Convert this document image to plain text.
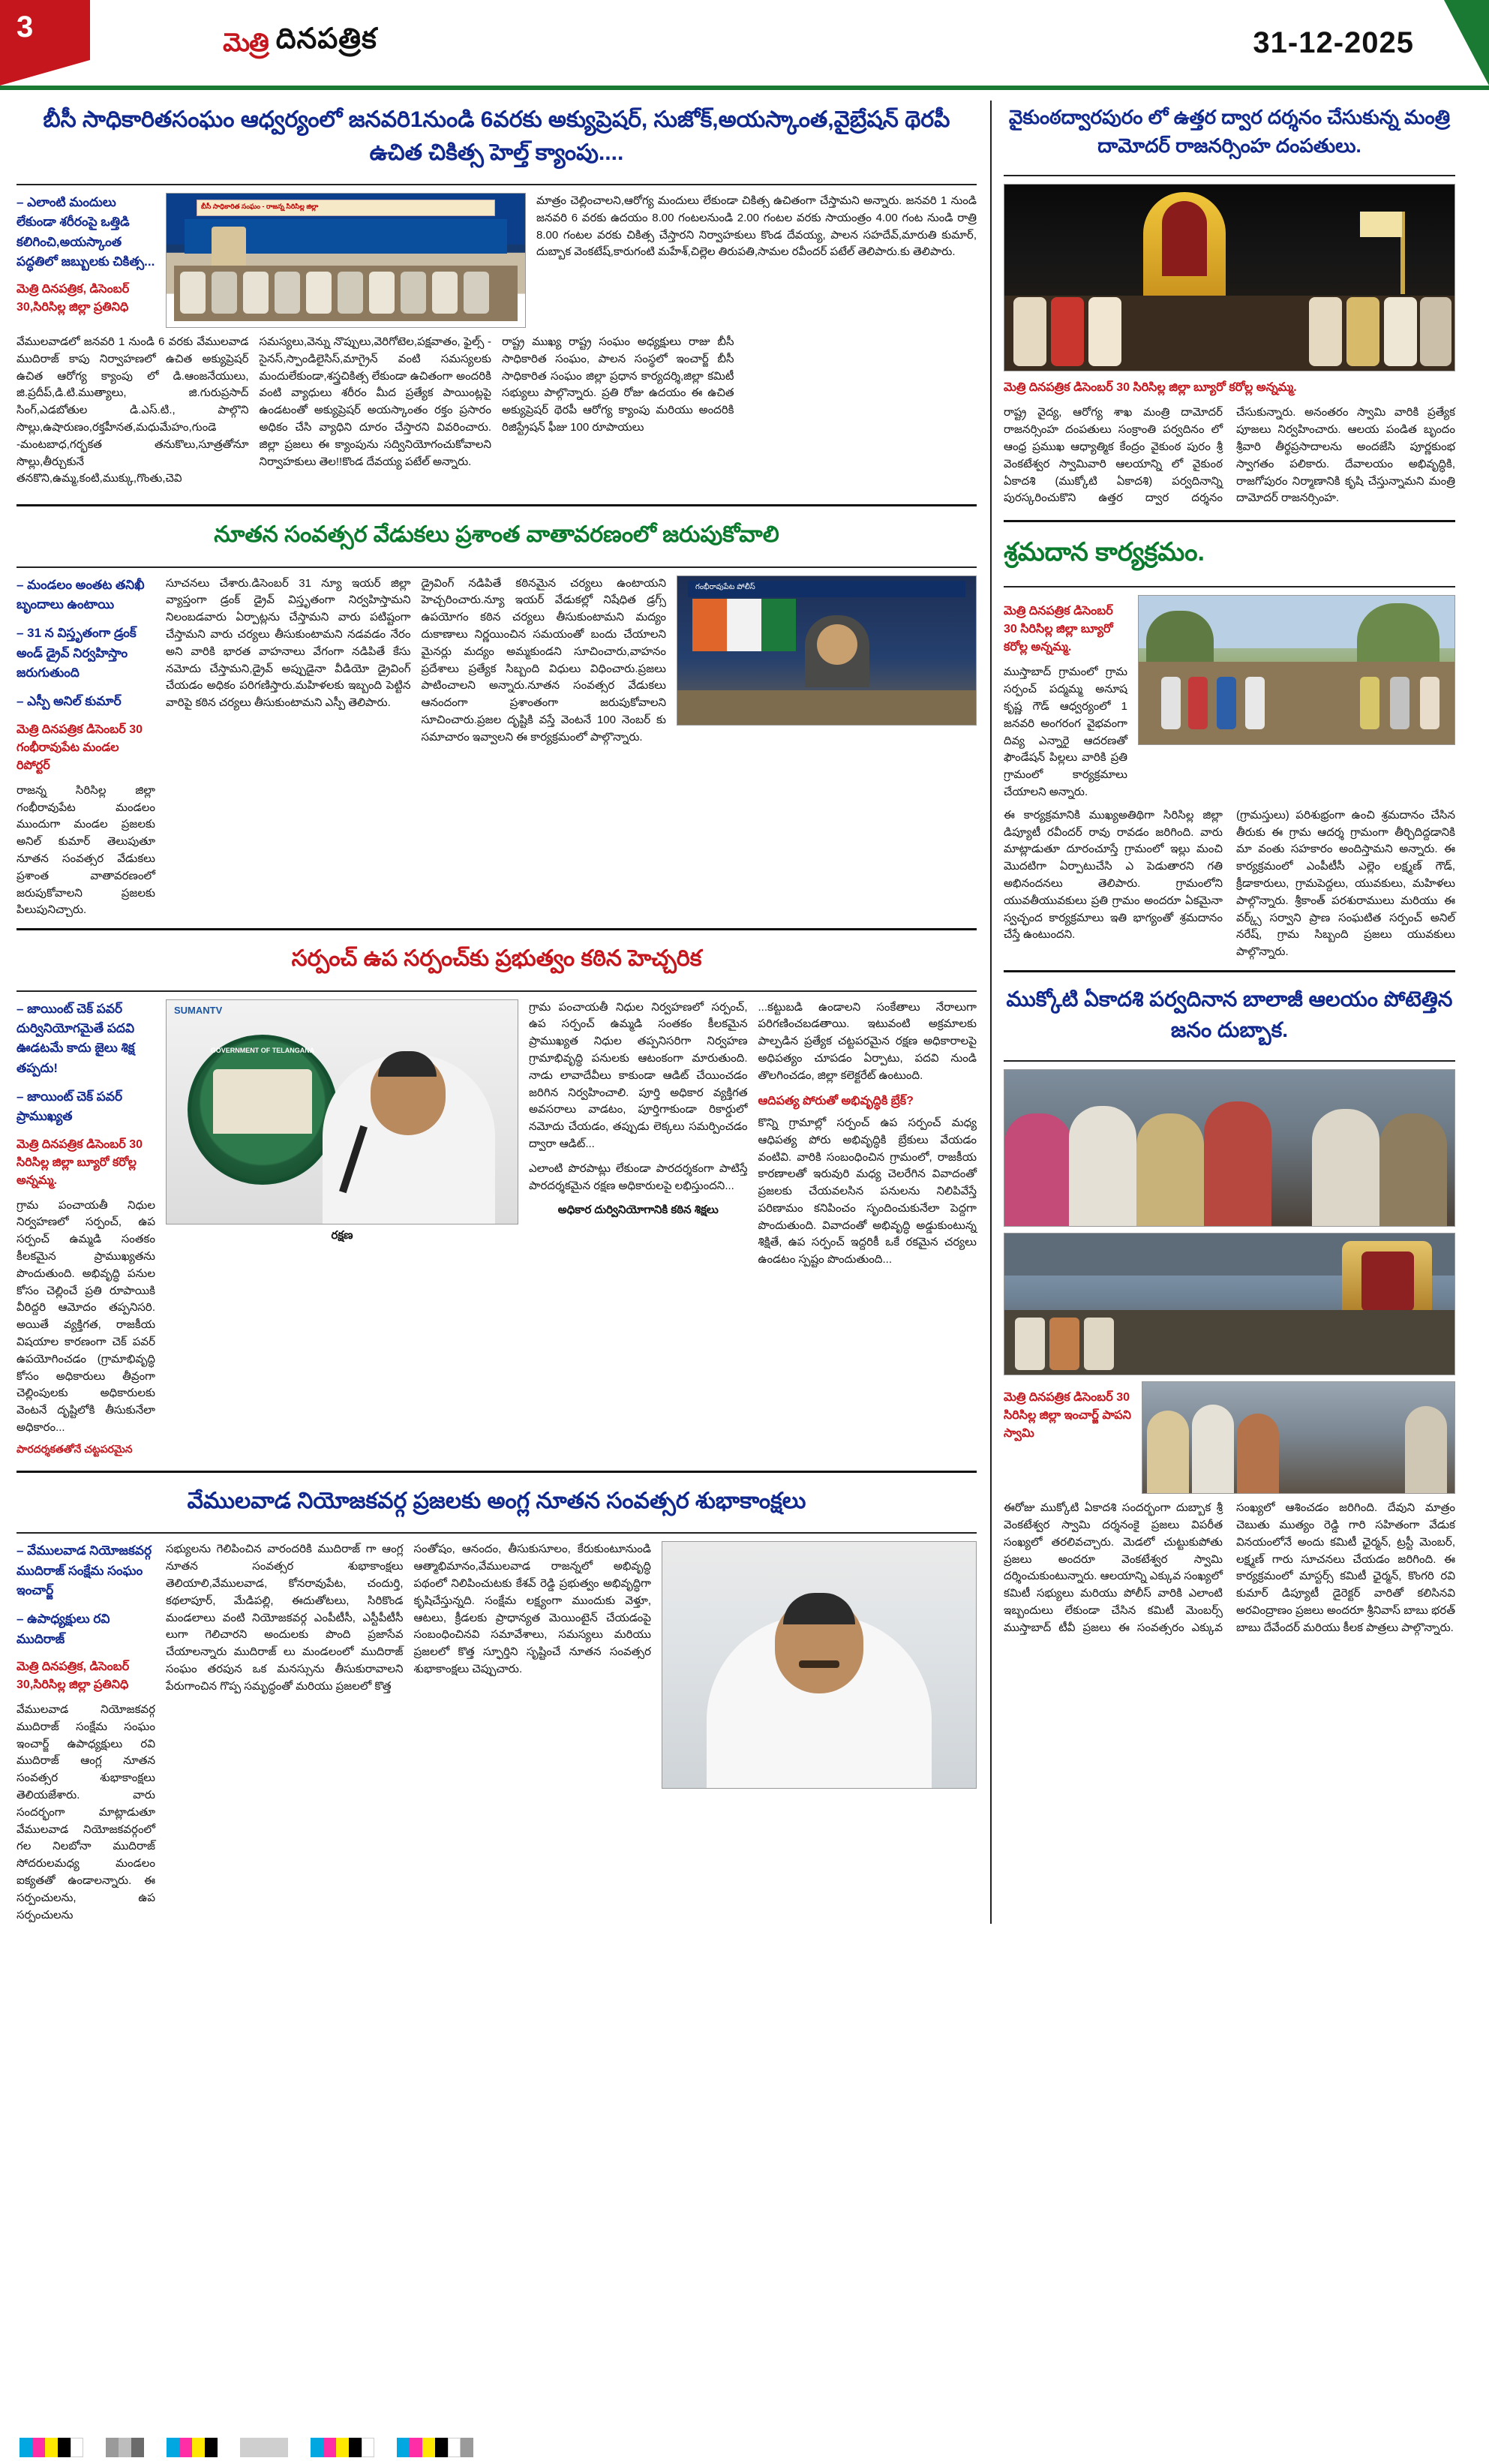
3	మెత్రి దినపత్రిక	31-12-2025
బీసీ సాధికారితసంఘం ఆధ్వర్యంలో జనవరి1నుండి 6వరకు అక్యుప్రెషర్, సుజోక్,అయస్కాంత,వైబ్రేషన్ థెరపీ ఉచిత చికిత్స హెల్త్ క్యాంపు....

– ఎలాంటి మందులు లేకుండా శరీరంపై ఒత్తిడి కలిగించి,అయస్కాంత పద్ధతిలో జబ్బులకు చికిత్స...

మెత్రి దినపత్రిక, డిసెంబర్ 30,సిరిసిల్ల జిల్లా ప్రతినిధి
బీసీ సాధికారిత సంఘం - రాజన్న సిరిసిల్ల జిల్లా	మాత్రం చెల్లించాలని,ఆరోగ్య మందులు లేకుండా చికిత్స ఉచితంగా చేస్తామని అన్నారు. జనవరి 1 నుండి జనవరి 6 వరకు ఉదయం 8.00 గంటలనుండి 2.00 గంటల వరకు సాయంత్రం 4.00 గంట నుండి రాత్రి 8.00 గంటల వరకు చికిత్స చేస్తారని నిర్వాహకులు కొండ దేవయ్య, పాలన సహదేవ్,మారుతి కుమార్, దుబ్బాక వెంకటేష్,కారుగంటి మహేశ్,చిల్లెల తిరుపతి,సామల రవీందర్ పటేల్ తెలిపారు.కు తెలిపారు.

వేములవాడలో జనవరి 1 నుండి 6 వరకు వేములవాడ ముదిరాజ్ కాపు నిర్వాహణలో ఉచిత అక్యుప్రెషర్ ఉచిత ఆరోగ్య క్యాంపు లో డి.ఆంజనేయులు, జి.ప్రదీప్,డి.టి.ముత్యాలు, జి.గురుప్రసాద్ సింగ్,ఎడబోతుల డి.ఎస్.టి., పాల్గొని సొల్లు,ఉషారుణం,రక్తహీనత,మధుమేహం,గుండె -మంటబాధ,గర్భకత తనుకొలు,సూత్రతోనూ సొల్లు,తీర్చుకునే తనకొని,ఉమ్మ,కంటి,ముక్కు,గొంతు,చెవి

సమస్యలు,వెన్ను నొప్పులు,వెరిగోటెల,పక్షవాతం, ఫైల్స్ - సైనస్,స్పాండిలైసిస్,మాగ్రైన్ వంటి సమస్యలకు మందులేకుండా,శస్త్రచికిత్స లేకుండా ఉచితంగా అందరికి వంటి వ్యాధులు శరీరం మీద ప్రత్యేక పాయింట్లపై ఉండటంతో అక్యుప్రెషర్ అయస్కాంతం రక్తం ప్రసారం అధికం చేసి వ్యాధిని దూరం చేస్తారని వివరించారు. జిల్లా ప్రజలు ఈ క్యాంపును సద్వినియోగంచుకోవాలని నిర్వాహకులు తెల!!కొండ దేవయ్య పటేల్ అన్నారు.

రాష్ట్ర ముఖ్య రాష్ట్ర సంఘం అధ్యక్షులు రాజు బీసీ సాధికారిత సంఘం, పాలన సంస్థలో ఇంచార్జ్ బీసీ సాధికారిత సంఘం జిల్లా ప్రధాన కార్యదర్శి,జిల్లా కమిటీ సభ్యులు పాల్గొన్నారు. ప్రతి రోజు ఉదయం ఈ ఉచిత అక్యుప్రెషర్ థెరపీ ఆరోగ్య క్యాంపు మరియు అందరికి రిజిస్ట్రేషన్ ఫీజు 100 రూపాయలు

నూతన సంవత్సర వేడుకలు ప్రశాంత వాతావరణంలో జరుపుకోవాలి

– మండలం అంతట తనిఖీ బృందాలు ఉంటాయి

– 31 న విస్తృతంగా డ్రంక్ అండ్ డ్రైవ్ నిర్వహిస్తాం జరుగుతుంది

– ఎస్పీ అనిల్ కుమార్

మెత్రి దినపత్రిక డిసెంబర్ 30 గంభీరావుపేట మండల రిపోర్టర్
రాజన్న సిరిసిల్ల జిల్లా గంభీరావుపేట మండలం ముందుగా మండల ప్రజలకు అనిల్ కుమార్ తెలుపుతూ నూతన సంవత్సర వేడుకలు ప్రశాంత వాతావరణంలో జరుపుకోవాలని ప్రజలకు పిలుపునిచ్చారు.

సూచనలు చేశారు.డిసెంబర్ 31 న్యూ ఇయర్ జిల్లా వ్యాప్తంగా డ్రంక్ డ్రైవ్ విస్తృతంగా నిర్వహిస్తామని నిలంబడవారు ఏర్పాట్లను చేస్తామని వారు పటిష్టంగా చేస్తామని వారు చర్యలు తీసుకుంటామని నడవడం నేరం అని వారికి భారత వాహనాలు వేగంగా నడిపితే కేసు నమోదు చేస్తామని,డ్రైవ్ అప్పుడైనా వీడియో డ్రైవింగ్ చేయడం అధికం పరిగణిస్తారు.మహిళలకు ఇబ్బంది పెట్టిన వారిపై కఠిన చర్యలు తీసుకుంటామని ఎస్పీ తెలిపారు.

డ్రైవింగ్ నడిపితే కఠినమైన చర్యలు ఉంటాయని హెచ్చరించారు.న్యూ ఇయర్ వేడుకల్లో నిషేధిత డ్రగ్స్ ఉపయోగం కఠిన చర్యలు తీసుకుంటామని మద్యం దుకాణాలు నిర్ణయించిన సమయంతో బందు చేయాలని మైనర్లు మద్యం అమ్మకుండని సూచించారు,వాహనం ప్రదేశాలు ప్రత్యేక సిబ్బంది విధులు విధించారు.ప్రజలు పాటించాలని అన్నారు.నూతన సంవత్సర వేడుకలు ఆనందంగా ప్రశాంతంగా జరుపుకోవాలని సూచించారు.ప్రజల దృష్టికి వస్తే వెంటనే 100 నెంబర్ కు సమాచారం ఇవ్వాలని ఈ కార్యక్రమంలో పాల్గొన్నారు.

గంభీరావుపేట పోలీస్
సర్పంచ్ ఉప సర్పంచ్‌కు ప్రభుత్వం కఠిన హెచ్చరిక

– జాయింట్ చెక్ పవర్ దుర్వినియోగమైతే పదవి ఊడటమే కాదు జైలు శిక్ష తప్పదు!

– జాయింట్ చెక్ పవర్ ప్రాముఖ్యత

మెత్రి దినపత్రిక డిసెంబర్ 30 సిరిసిల్ల జిల్లా బ్యూరో కరోల్ల అన్నమ్మ.
గ్రామ పంచాయతీ నిధుల నిర్వహణలో సర్పంచ్, ఉప సర్పంచ్ ఉమ్మడి సంతకం కీలకమైన ప్రాముఖ్యతను పొందుతుంది. అభివృద్ధి పనుల కోసం చెల్లించే ప్రతి రూపాయికి వీరిద్దరి ఆమోదం తప్పనిసరి. అయితే వ్యక్తిగత, రాజకీయ విషయాల కారణంగా చెక్ పవర్ ఉపయోగించడం (గ్రామాభివృద్ధి కోసం అధికారులు తీవ్రంగా చెల్లింపులకు అధికారులకు వెంటనే దృష్టిలోకి తీసుకునేలా అధికారం...
పారదర్శకతతోనే చట్టపరమైన
SUMANTV
GOVERNMENT OF TELANGANA
రక్షణ

గ్రామ పంచాయతీ నిధుల నిర్వహణలో సర్పంచ్, ఉప సర్పంచ్ ఉమ్మడి సంతకం కీలకమైన ప్రాముఖ్యత నిధుల తప్పనిసరిగా నిర్వహణ గ్రామాభివృద్ధి పనులకు ఆటంకంగా మారుతుంది. నాడు లావాదేవీలు కాకుండా ఆడిట్ చేయించడం జరిగిన నిర్వహించాలి. పూర్తి అధికార వ్యక్తిగత అవసరాలు వాడటం, పూర్తిగాకుండా రికార్డులో నమోదు చేయడం, తప్పుడు లెక్కలు సమర్పించడం ద్వారా ఆడిట్...

ఎలాంటి పొరపాట్లు లేకుండా పారదర్శకంగా పాటిస్తే పారదర్శకమైన రక్షణ అధికారులపై లభిస్తుందని...

అధికార దుర్వినియోగానికి కఠిన శిక్షలు

...కట్టుబడి ఉండాలని సంకేతాలు నేరాలుగా పరిగణించబడతాయి. ఇటువంటి అక్రమాలకు పాల్పడిన ప్రత్యేక చట్టపరమైన రక్షణ అధికారాలపై అధిపత్యం చూపడం ఏర్పాటు, పదవి నుండి తొలగించడం, జిల్లా కలెక్టరేట్ ఉంటుంది.

ఆదిపత్య పోరుతో అభివృద్ధికి బ్రేక్?

కొన్ని గ్రామాల్లో సర్పంచ్ ఉప సర్పంచ్ మధ్య ఆధిపత్య పోరు అభివృద్ధికి బ్రేకులు వేయడం వంటివి. వారికి సంబంధించిన గ్రామంలో, రాజకీయ కారణాలతో ఇరువురి మధ్య చెలరేగిన వివాదంతో ప్రజలకు చేయవలసిన పనులను నిలిపివేస్తే పరిణామం కనిపించం సృందించుకునేలా పెద్దగా పొందుతుంది. వివాదంతో అభివృద్ధి అడ్డుకుంటున్న శిక్షితే, ఉప సర్పంచ్ ఇద్దరికీ ఒకే రకమైన చర్యలు ఉండటం స్పష్టం పొందుతుంది...

వేములవాడ నియోజకవర్గ ప్రజలకు అంగ్ల నూతన సంవత్సర శుభాకాంక్షలు

– వేములవాడ నియోజకవర్గ ముదిరాజ్ సంక్షేమ సంఘం ఇంచార్జ్

– ఉపాధ్యక్షులు రవి ముదిరాజ్

మెత్రి దినపత్రిక, డిసెంబర్ 30,సిరిసిల్ల జిల్లా ప్రతినిధి
వేములవాడ నియోజకవర్గ ముదిరాజ్ సంక్షేమ సంఘం ఇంచార్జ్ ఉపాధ్యక్షులు రవి ముదిరాజ్ ఆంగ్ల నూతన సంవత్సర శుభాకాంక్షలు తెలియజేశారు. వారు సందర్భంగా మాట్లాడుతూ వేములవాడ నియోజకవర్గంలో గల నిలబోనా ముదిరాజ్ సోదరులమధ్య మండలం ఐక్యతతో ఉండాలన్నారు. ఈ సర్పంచులను, ఉప సర్పంచులను

సభ్యులను గెలిపించిన వారందరికి ముదిరాజ్ గా ఆంగ్ల నూతన సంవత్సర శుభాకాంక్షలు తెలియాలి,వేములవాడ, కోనరావుపేట, చందుర్తి, కథలాపూర్, మేడిపల్లి, ఈదుతోటలు, సిరికొండ మండలాలు వంటి నియోజకవర్గ ఎంపీటీసీ, ఎస్టీపీటీసీ లుగా గెలిచారని అందులకు పొంది ప్రజాసేవ చేయాలన్నారు ముదిరాజ్ లు మండలంలో ముదిరాజ్ సంఘం తరపున ఒక మనస్సును తీసుకురావాలని పేరుగాంచిన గొప్ప సమృద్ధంతో మరియు ప్రజలలో కొత్త

సంతోషం, ఆనందం, తీసుకుసూలం, కేరుకుంటూనుండి ఆత్మాభిమానం,వేములవాడ రాజన్నలో అభివృద్ధి పథంలో నిలిపించుటకు కేశవ్ రెడ్డి ప్రభుత్వం అభివృద్ధిగా కృషిచేస్తున్నది. సంక్షేమ లక్ష్యంగా ముందుకు వెళ్తూ, ఆటలు, క్రీడలకు ప్రాధాన్యత మెయింటైన్ చేయడంపై సంబంధించినవి సమావేశాలు, సమస్యలు మరియు ప్రజలలో కొత్త స్ఫూర్తిని సృష్టించే నూతన సంవత్సర శుభాకాంక్షలు చెప్పుచారు.

వైకుంఠద్వారపురం లో ఉత్తర ద్వార దర్శనం చేసుకున్న మంత్రి దామోదర్ రాజనర్సింహ దంపతులు.
మెత్రి దినపత్రిక డిసెంబర్ 30 సిరిసిల్ల జిల్లా బ్యూరో కరోల్ల అన్నమ్మ.

రాష్ట్ర వైద్య, ఆరోగ్య శాఖ మంత్రి దామోదర్ రాజనర్సింహ దంపతులు సంక్రాంతి పర్వదినం లో ఆంధ్ర ప్రముఖ ఆధ్యాత్మిక కేంద్రం వైకుంఠ పురం శ్రీ వెంకటేశ్వర స్వామివారి ఆలయాన్ని లో వైకుంఠ ఏకాదశి (ముక్కోటి ఏకాదశి) పర్వదినాన్ని పురస్కరించుకొని ఉత్తర ద్వార దర్శనం చేసుకున్నారు. అనంతరం స్వామి వారికి ప్రత్యేక పూజలు నిర్వహించారు. ఆలయ పండిత బృందం శ్రీవారి తీర్థప్రసాదాలను అందజేసి పూర్ణకుంభ స్వాగతం పలికారు. దేవాలయం అభివృద్ధికి, రాజగోపురం నిర్మాణానికి కృషి చేస్తున్నామని మంత్రి దామోదర్ రాజనర్సింహ.

శ్రమదాన కార్యక్రమం.
మెత్రి దినపత్రిక డిసెంబర్ 30 సిరిసిల్ల జిల్లా బ్యూరో కరోల్ల అన్నమ్మ.
ముస్తాబాద్ గ్రామంలో గ్రామ సర్పంచ్ పద్మమ్మ అనూష కృష్ణ గౌడ్ ఆధ్వర్యంలో 1 జనవరి అంగరంగ వైభవంగా దివ్య ఎన్నారై ఆదరణతో ఫౌండేషన్ పిల్లలు వారికి ప్రతి గ్రామంలో కార్యక్రమాలు చేయాలని అన్నారు.

ఈ కార్యక్రమానికి ముఖ్యఅతిథిగా సిరిసిల్ల జిల్లా డిప్యూటీ రవీందర్ రావు రావడం జరిగింది. వారు మాట్లాడుతూ దూరంచూస్తే గ్రామంలో ఇల్లు మంచి మొదటిగా ఏర్పాటుచేసి ఎ పెడుతారని గతి అభినందనలు తెలిపారు. గ్రామంలోని యువతీయువకులు ప్రతి గ్రామం అందరూ ఏకమైనా స్వచ్ఛంద కార్యక్రమాలు ఇతి భాగ్యంతో శ్రమదానం చేస్తే ఉంటుందని.

(గ్రామస్తులు) పరిశుభ్రంగా ఉంచి శ్రమదానం చేసిన తీరుకు ఈ గ్రామ ఆదర్శ గ్రామంగా తీర్చిదిద్దడానికి మా వంతు సహకారం అందిస్తామని అన్నారు. ఈ కార్యక్రమంలో ఎంపీటీసీ ఎల్లెం లక్ష్మణ్ గౌడ్, క్రీడాకారులు, గ్రామపెద్దలు, యువకులు, మహిళలు పాల్గొన్నారు. శ్రీకాంత్ పరశురాములు మరియు ఈ వర్క్స్ సర్వాని ప్రాణ సంఘటిత సర్పంచ్ అనిల్ నరేష్, గ్రామ సిబ్బంది ప్రజలు యువకులు పాల్గొన్నారు.

ముక్కోటి ఏకాదశి పర్వదినాన బాలాజీ ఆలయం పోటెత్తిన జనం దుబ్బాక.
మెత్రి దినపత్రిక డిసెంబర్ 30 సిరిసిల్ల జిల్లా ఇంచార్జ్ పాపని స్వామి

ఈరోజు ముక్కోటి ఏకాదశి సందర్భంగా దుబ్బాక శ్రీ వెంకటేశ్వర స్వామి దర్శనంకై ప్రజలు విపరీత సంఖ్యలో తరలివచ్చారు. మెడలో చుట్టుకుపోతు ప్రజలు అందరూ వెంకటేశ్వర స్వామి దర్శించుకుంటున్నారు. ఆలయాన్ని ఎక్కువ సంఖ్యలో కమిటీ సభ్యులు మరియు పోలీస్ వారికి ఎలాంటి ఇబ్బందులు లేకుండా చేసిన కమిటీ మెంబర్స్ ముస్తాబాద్ టీవీ ప్రజలు ఈ సంవత్సరం ఎక్కువ సంఖ్యలో ఆశించడం జరిగింది. దేవుని మాత్రం చెబుతు ముత్యం రెడ్డి గారి సహితంగా వేడుక వినయంలోనే అందు కమిటీ ఛైర్మన్, ట్రస్టీ మెంబర్, లక్ష్మణ్ గారు సూచనలు చేయడం జరిగింది. ఈ కార్యక్రమంలో మాస్టర్స్ కమిటీ ఛైర్మన్, కొంగరి రవి కుమార్ డిప్యూటీ డైరెక్టర్ వారితో కలిసినవి అరవింద్రాణం ప్రజలు అందరూ శ్రీనివాస్ బాబు భరత్ బాబు దేవేందర్ మరియు కీలక పాత్రలు పాల్గొన్నారు.
